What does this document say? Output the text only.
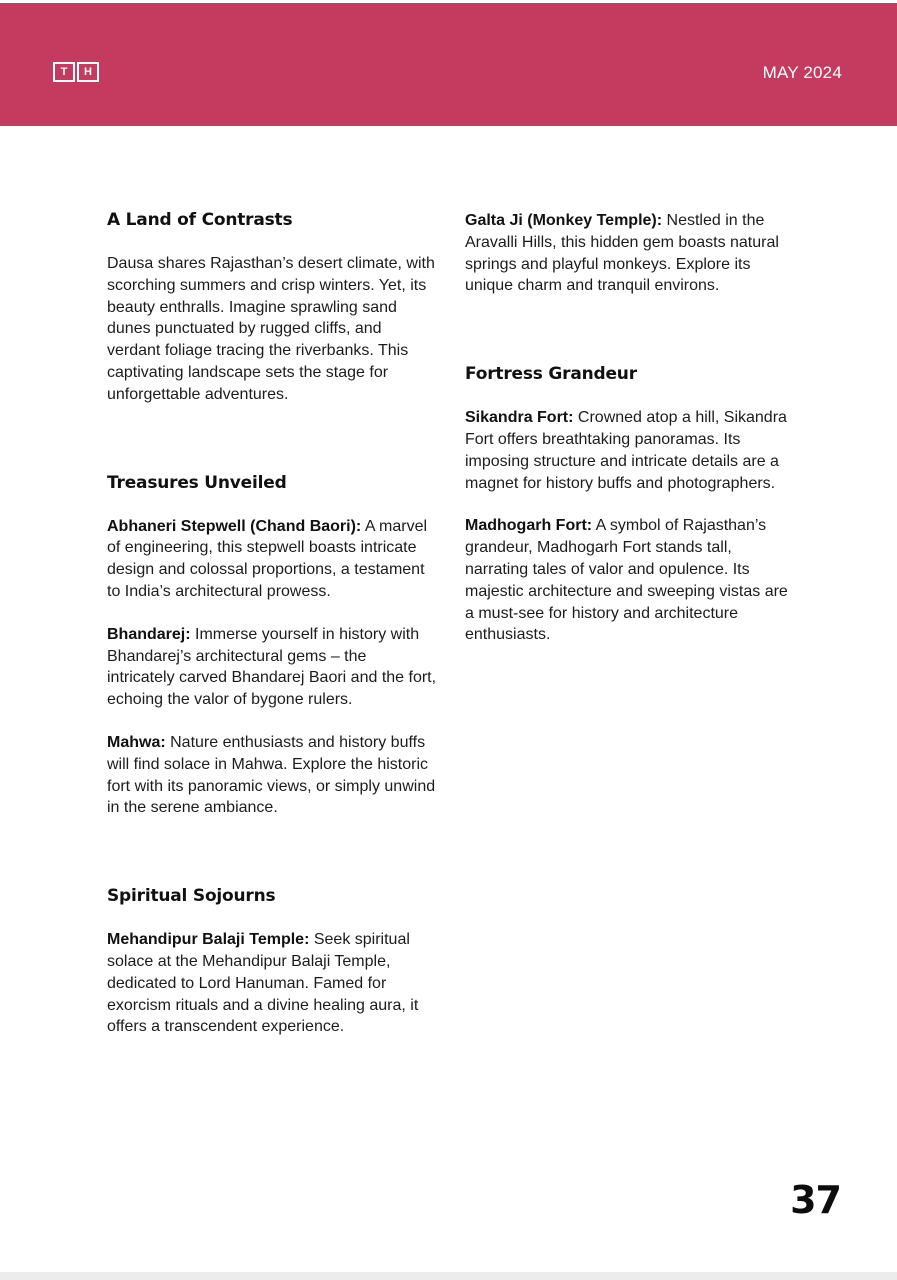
T	H	MAY 2024
A Land of Contrasts

Dausa shares Rajasthan’s desert climate, with scorching summers and crisp winters. Yet, its beauty enthralls. Imagine sprawling sand dunes punctuated by rugged cliffs, and verdant foliage tracing the riverbanks. This captivating landscape sets the stage for unforgettable adventures.

Treasures Unveiled

Abhaneri Stepwell (Chand Baori): A marvel of engineering, this stepwell boasts intricate design and colossal proportions, a testament to India’s architectural prowess.

Bhandarej: Immerse yourself in history with Bhandarej’s architectural gems – the intricately carved Bhandarej Baori and the fort, echoing the valor of bygone rulers.

Mahwa: Nature enthusiasts and history buffs will find solace in Mahwa. Explore the historic fort with its panoramic views, or simply unwind in the serene ambiance.

Spiritual Sojourns

Mehandipur Balaji Temple: Seek spiritual solace at the Mehandipur Balaji Temple, dedicated to Lord Hanuman. Famed for exorcism rituals and a divine healing aura, it offers a transcendent experience.

Galta Ji (Monkey Temple): Nestled in the Aravalli Hills, this hidden gem boasts natural springs and playful monkeys. Explore its unique charm and tranquil environs.

Fortress Grandeur

Sikandra Fort: Crowned atop a hill, Sikandra Fort offers breathtaking panoramas. Its imposing structure and intricate details are a magnet for history buffs and photographers.

Madhogarh Fort: A symbol of Rajasthan’s grandeur, Madhogarh Fort stands tall, narrating tales of valor and opulence. Its majestic architecture and sweeping vistas are a must-see for history and architecture enthusiasts.

37
